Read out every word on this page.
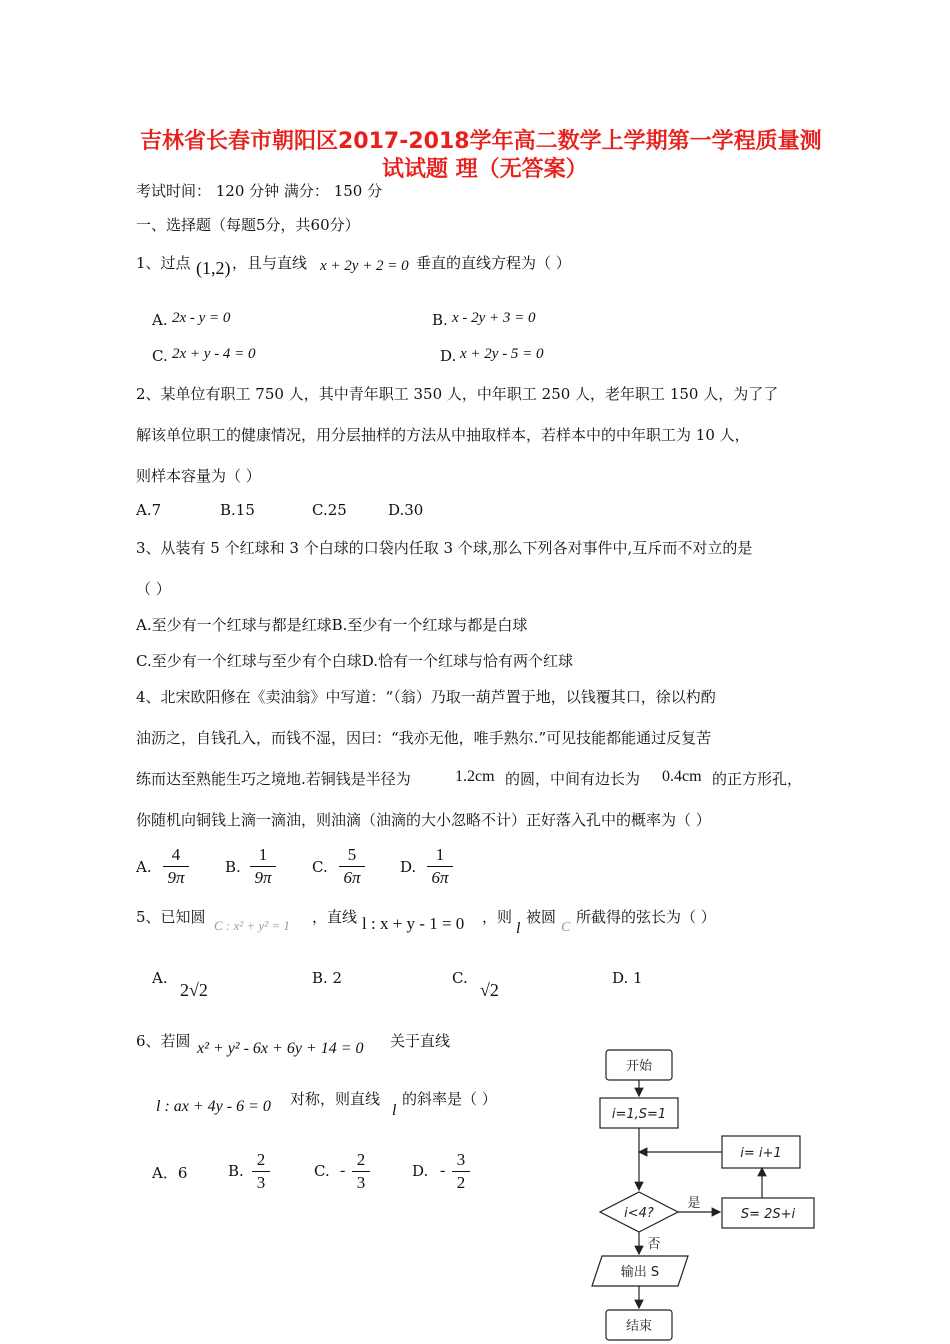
吉林省长春市朝阳区2017-2018学年高二数学上学期第一学程质量测
试试题 理（无答案）
考试时间： 120 分钟 满分： 150 分
一、选择题（每题5分，共60分）
1、过点 (1,2) ，且与直线 x + 2y + 2 = 0 垂直的直线方程为（ ）
A. 2x - y = 0	B. x - 2y + 3 = 0
C. 2x + y - 4 = 0	D. x + 2y - 5 = 0
2、某单位有职工 750 人，其中青年职工 350 人，中年职工 250 人，老年职工 150 人，为了了
解该单位职工的健康情况，用分层抽样的方法从中抽取样本，若样本中的中年职工为 10 人，
则样本容量为（ ）
A.7	B.15	C.25	D.30
3、从装有 5 个红球和 3 个白球的口袋内任取 3 个球,那么下列各对事件中,互斥而不对立的是
（ ）
A.至少有一个红球与都是红球B.至少有一个红球与都是白球
C.至少有一个红球与至少有个白球D.恰有一个红球与恰有两个红球
4、北宋欧阳修在《卖油翁》中写道：“（翁）乃取一葫芦置于地，以钱覆其口，徐以杓酌
油沥之，自钱孔入，而钱不湿，因曰：“我亦无他，唯手熟尔.”可见技能都能通过反复苦
练而达至熟能生巧之境地.若铜钱是半径为	1.2cm 的圆，中间有边长为 0.4cm 的正方形孔，
你随机向铜钱上滴一滴油，则油滴（油滴的大小忽略不计）正好落入孔中的概率为（ ）
A.
4
9π
B.
1
9π
C.
5
6π
D.
1
6π
5、已知圆 C : x² + y² = 1 ，直线 l : x + y - 1 = 0 ，则
l
被圆
C
所截得的弦长为（ ）
A.
2√2
B. 2	C.
√2
D. 1
6、若圆 x² + y² - 6x + 6y + 14 = 0 关于直线
l : ax + 4y - 6 = 0 对称，则直线
l
的斜率是（ ）
A．6	B.
2
3
C. -
2
3
D. -
3
2
开始
i=1,S=1
i= i+1
i<4?
是
S= 2S+i
否
输出 S
结束
